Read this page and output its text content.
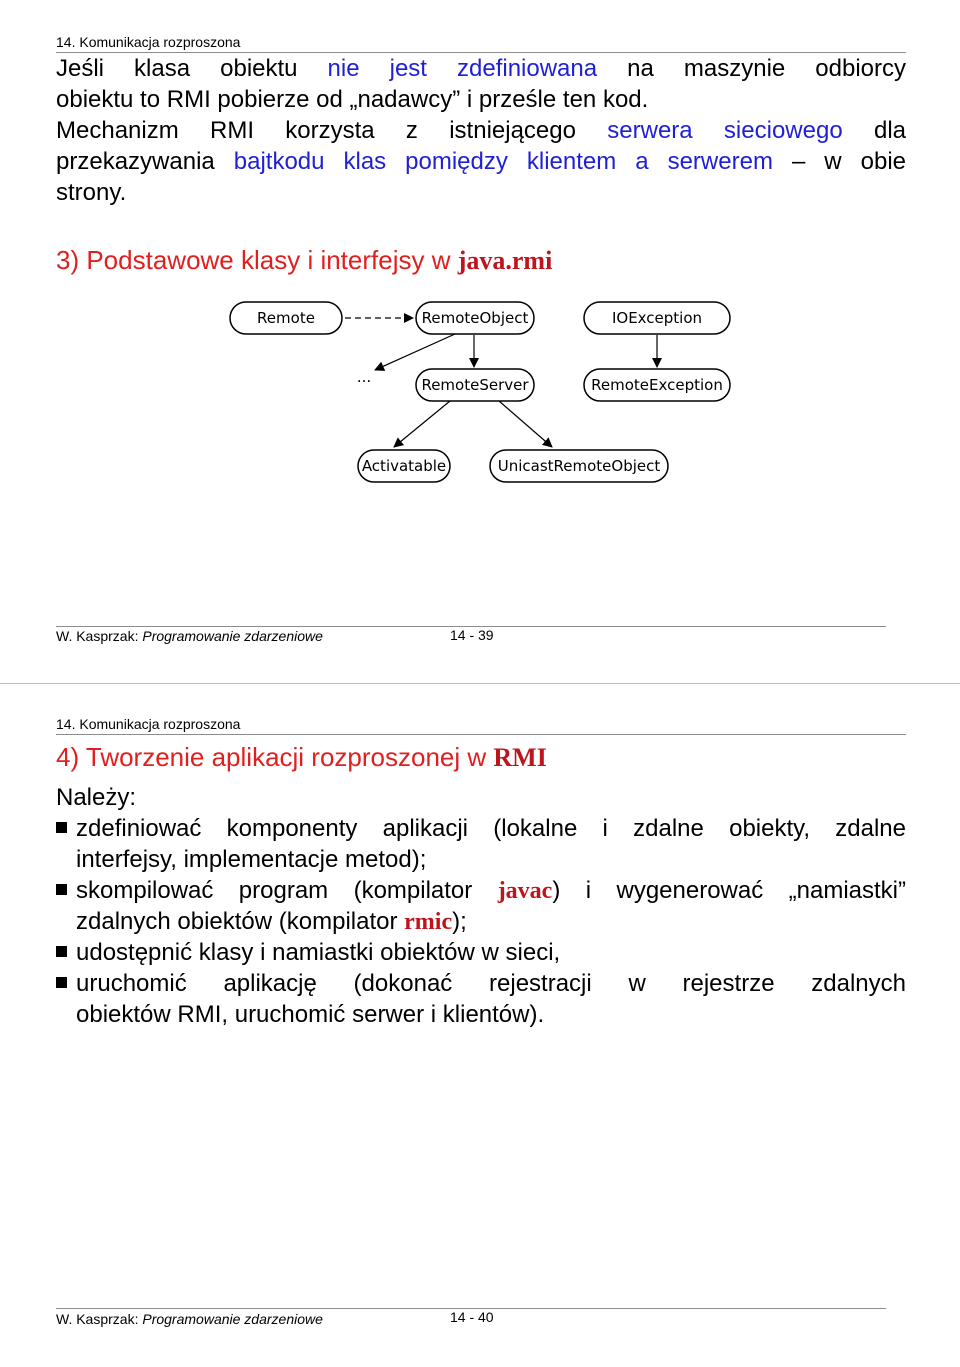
14. Komunikacja rozproszona
Jeśli klasa obiektu nie jest zdefiniowana na maszynie odbiorcy
obiektu to RMI pobierze od „nadawcy” i prześle ten kod.
Mechanizm RMI korzysta z istniejącego serwera sieciowego dla
przekazywania bajtkodu klas pomiędzy klientem a serwerem – w obie
strony.
3) Podstawowe klasy i interfejsy w java.rmi
Remote	RemoteObject	IOException
...	RemoteServer	RemoteException
Activatable	UnicastRemoteObject
W. Kasprzak: Programowanie zdarzeniowe	14 - 39
14. Komunikacja rozproszona
4) Tworzenie aplikacji rozproszonej w RMI
Należy:
zdefiniować komponenty aplikacji (lokalne i zdalne obiekty, zdalne
interfejsy, implementacje metod);
skompilować program (kompilator javac) i wygenerować „namiastki”
zdalnych obiektów (kompilator rmic);
udostępnić klasy i namiastki obiektów w sieci,
uruchomić aplikację (dokonać rejestracji w rejestrze zdalnych
obiektów RMI, uruchomić serwer i klientów).
W. Kasprzak: Programowanie zdarzeniowe	14 - 40
